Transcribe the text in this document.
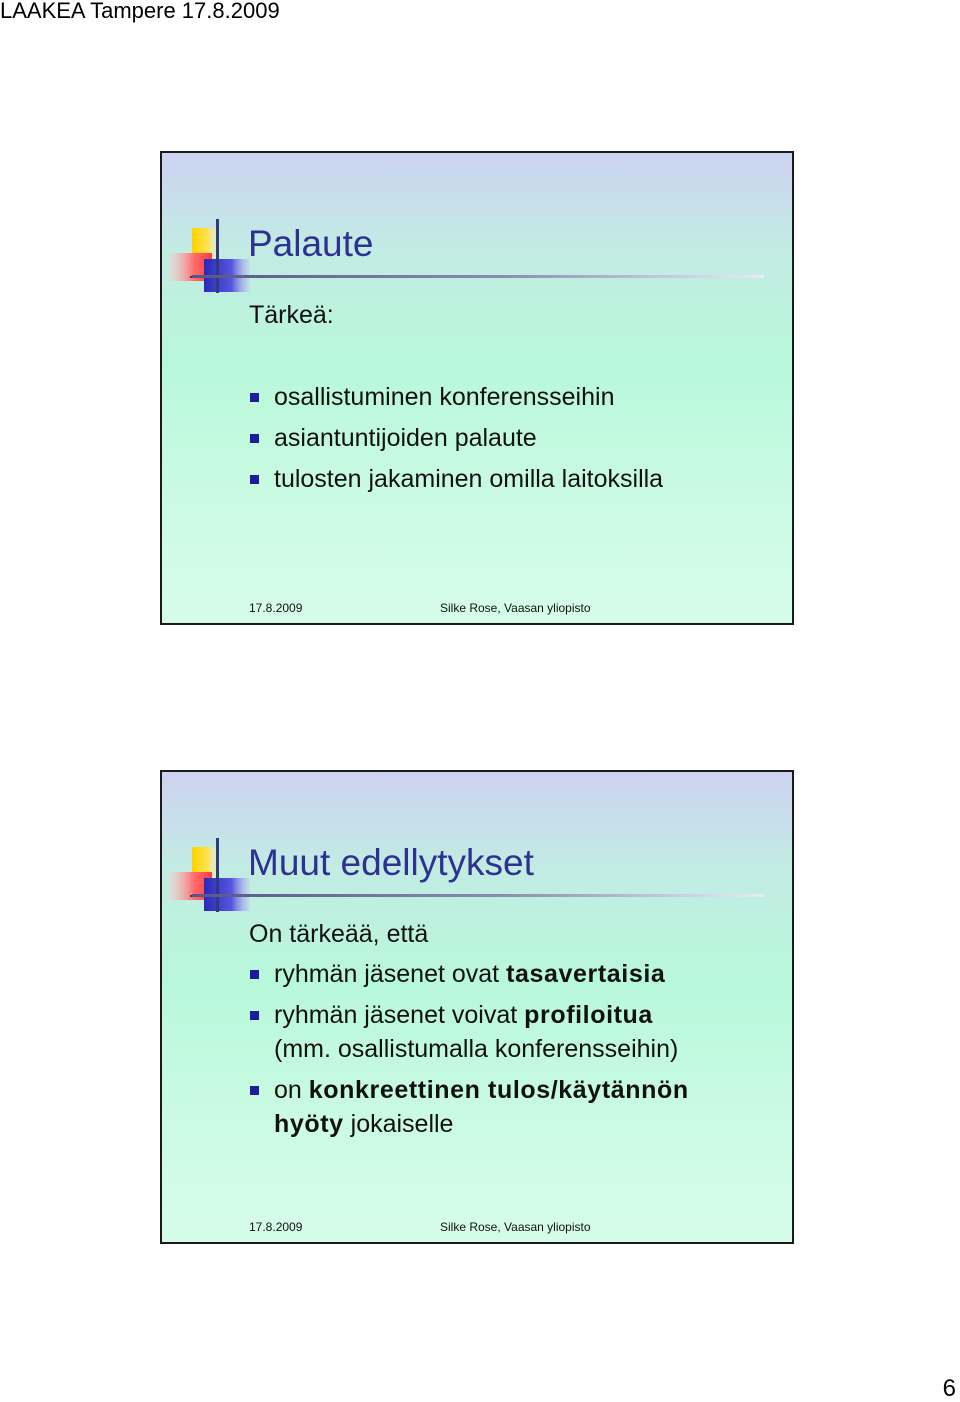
LAAKEA Tampere 17.8.2009
Palaute
Tärkeä:
osallistuminen konferensseihin
asiantuntijoiden palaute
tulosten jakaminen omilla laitoksilla
17.8.2009	Silke Rose, Vaasan yliopisto
Muut edellytykset
On tärkeää, että
ryhmän jäsenet ovat tasavertaisia
ryhmän jäsenet voivat profiloitua
(mm. osallistumalla konferensseihin)
on konkreettinen tulos/käytännön
hyöty jokaiselle
17.8.2009	Silke Rose, Vaasan yliopisto
6
